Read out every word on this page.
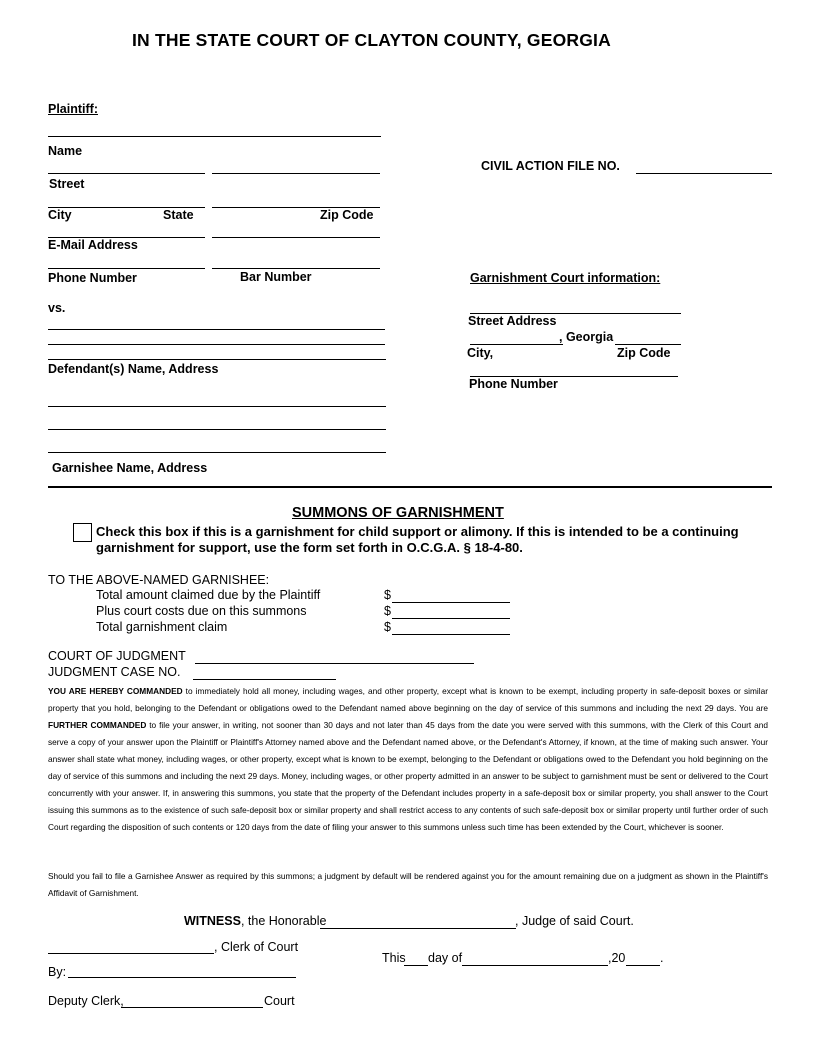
IN THE STATE COURT OF CLAYTON COUNTY, GEORGIA
Plaintiff:
Name
Street
City	State	Zip Code
E-Mail Address
Phone Number	Bar Number
CIVIL ACTION FILE NO.
vs.
Defendant(s) Name, Address
Garnishee Name, Address
Garnishment Court information:
Street Address
, Georgia
City,	Zip Code
Phone Number
SUMMONS OF GARNISHMENT
Check this box if this is a garnishment for child support or alimony. If this is intended to be a continuing
garnishment for support, use the form set forth in O.C.G.A. § 18-4-80.
TO THE ABOVE-NAMED GARNISHEE:
Total amount claimed due by the Plaintiff	$
Plus court costs due on this summons	$
Total garnishment claim	$
COURT OF JUDGMENT
JUDGMENT CASE NO.
YOU ARE HEREBY COMMANDED to immediately hold all money, including wages, and other property, except what is known to be exempt, including property in safe-deposit boxes or similar property that you hold, belonging to the Defendant or obligations owed to the Defendant named above beginning on the day of service of this summons and including the next 29 days. You are FURTHER COMMANDED to file your answer, in writing, not sooner than 30 days and not later than 45 days from the date you were served with this summons, with the Clerk of this Court and serve a copy of your answer upon the Plaintiff or Plaintiff's Attorney named above and the Defendant named above, or the Defendant's Attorney, if known, at the time of making such answer. Your answer shall state what money, including wages, or other property, except what is known to be exempt, belonging to the Defendant or obligations owed to the Defendant you hold beginning on the day of service of this summons and including the next 29 days. Money, including wages, or other property admitted in an answer to be subject to garnishment must be sent or delivered to the Court concurrently with your answer. If, in answering this summons, you state that the property of the Defendant includes property in a safe-deposit box or similar property, you shall answer to the Court issuing this summons as to the existence of such safe-deposit box or similar property and shall restrict access to any contents of such safe-deposit box or similar property until further order of such Court regarding the disposition of such contents or 120 days from the date of filing your answer to this summons unless such time has been extended by the Court, whichever is sooner.
Should you fail to file a Garnishee Answer as required by this summons; a judgment by default will be rendered against you for the amount remaining due on a judgment as shown in the Plaintiff's Affidavit of Garnishment.
WITNESS, the Honorable	, Judge of said Court.
, Clerk of Court
This day of	,20	.
By:
Deputy Clerk,	Court
